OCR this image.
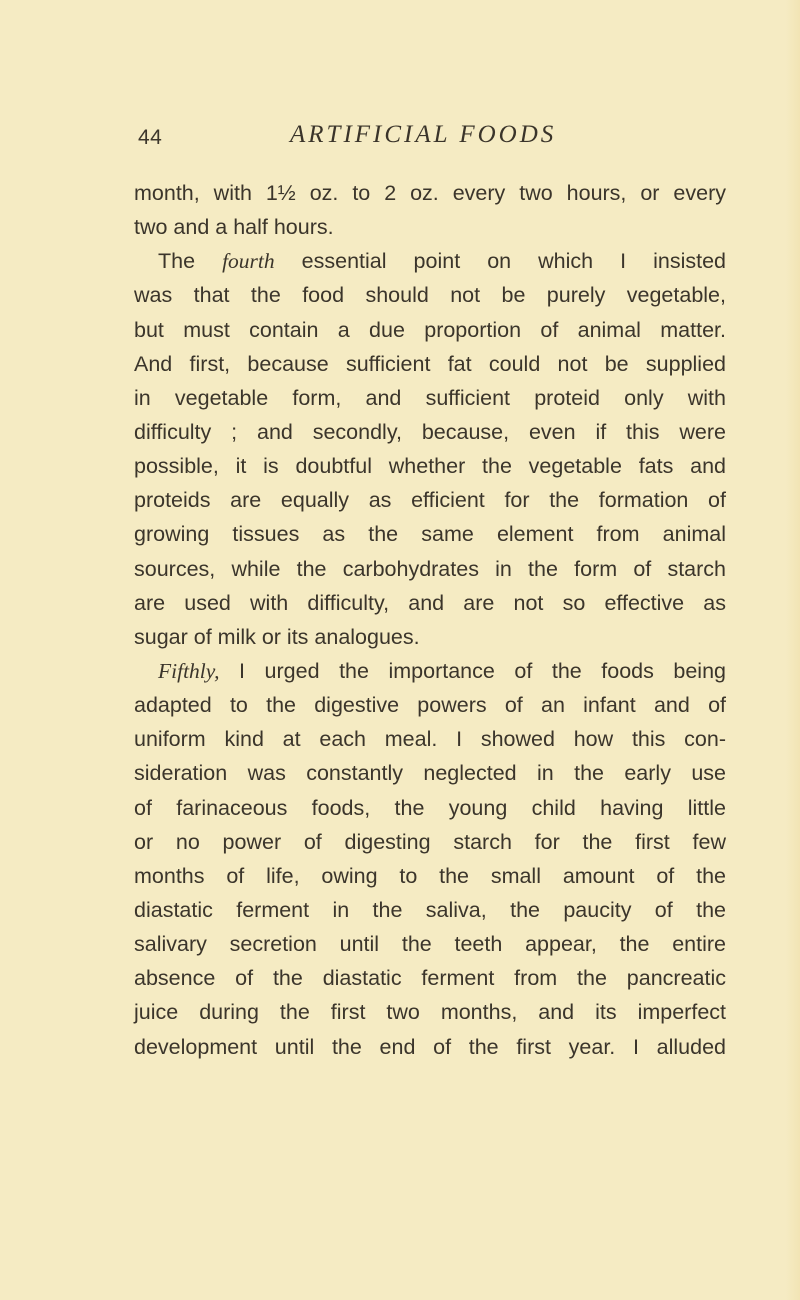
44	ARTIFICIAL FOODS
month, with 1½ oz. to 2 oz. every two hours, or every
two and a half hours.
The fourth essential point on which I insisted
was that the food should not be purely vegetable,
but must contain a due proportion of animal matter.
And first, because sufficient fat could not be supplied
in vegetable form, and sufficient proteid only with
difficulty ; and secondly, because, even if this were
possible, it is doubtful whether the vegetable fats and
proteids are equally as efficient for the formation of
growing tissues as the same element from animal
sources, while the carbohydrates in the form of starch
are used with difficulty, and are not so effective as
sugar of milk or its analogues.
Fifthly, I urged the importance of the foods being
adapted to the digestive powers of an infant and of
uniform kind at each meal. I showed how this con-
sideration was constantly neglected in the early use
of farinaceous foods, the young child having little
or no power of digesting starch for the first few
months of life, owing to the small amount of the
diastatic ferment in the saliva, the paucity of the
salivary secretion until the teeth appear, the entire
absence of the diastatic ferment from the pancreatic
juice during the first two months, and its imperfect
development until the end of the first year. I alluded
